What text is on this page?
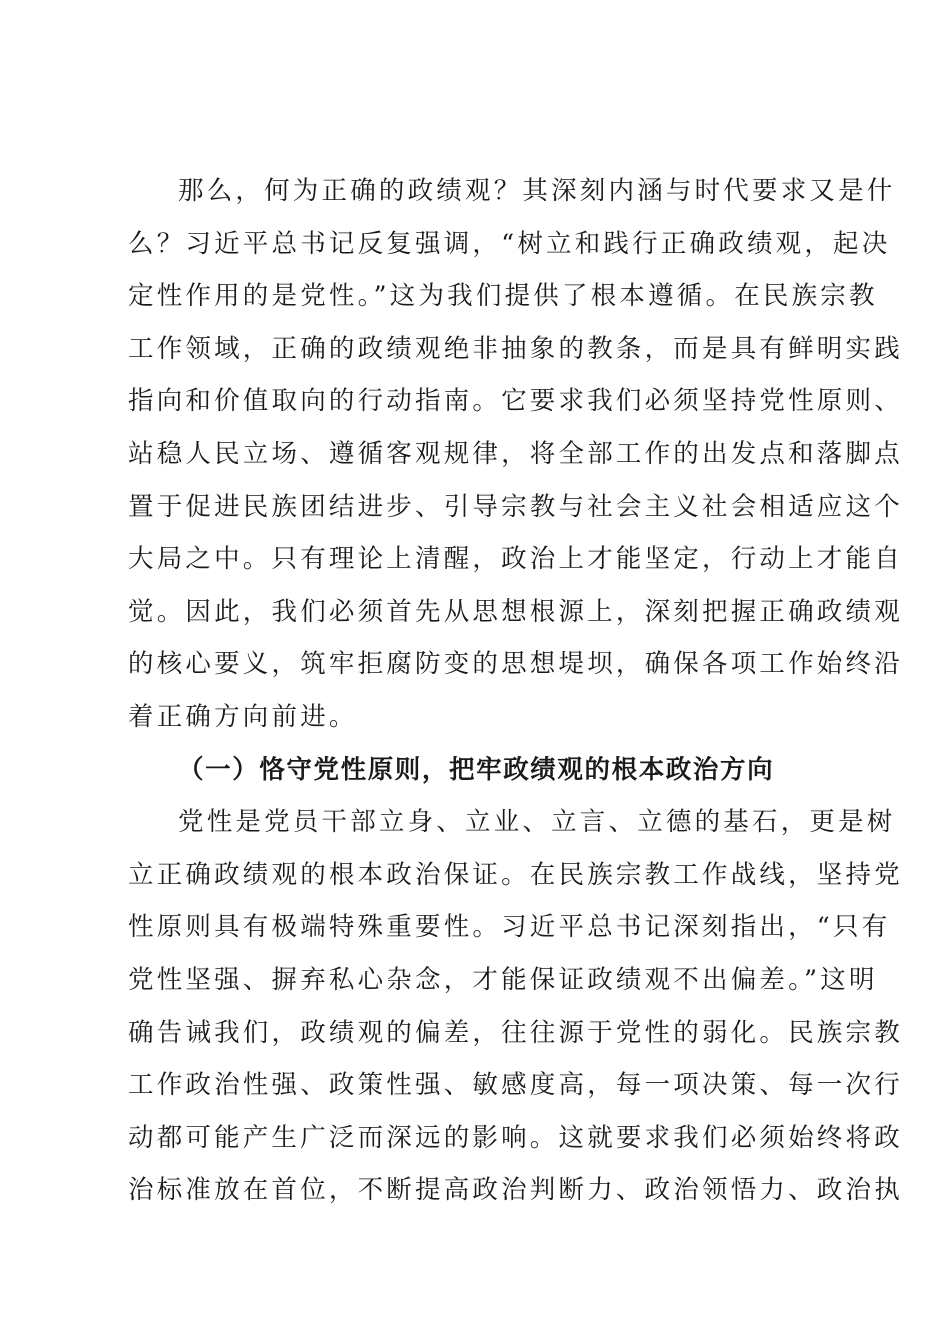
那么，何为正确的政绩观？其深刻内涵与时代要求又是什
么？习近平总书记反复强调，“树立和践行正确政绩观，起决
定性作用的是党性。”这为我们提供了根本遵循。在民族宗教
工作领域，正确的政绩观绝非抽象的教条，而是具有鲜明实践
指向和价值取向的行动指南。它要求我们必须坚持党性原则、
站稳人民立场、遵循客观规律，将全部工作的出发点和落脚点
置于促进民族团结进步、引导宗教与社会主义社会相适应这个
大局之中。只有理论上清醒，政治上才能坚定，行动上才能自
觉。因此，我们必须首先从思想根源上，深刻把握正确政绩观
的核心要义，筑牢拒腐防变的思想堤坝，确保各项工作始终沿
着正确方向前进。
（一）恪守党性原则，把牢政绩观的根本政治方向
党性是党员干部立身、立业、立言、立德的基石，更是树
立正确政绩观的根本政治保证。在民族宗教工作战线，坚持党
性原则具有极端特殊重要性。习近平总书记深刻指出，“只有
党性坚强、摒弃私心杂念，才能保证政绩观不出偏差。”这明
确告诫我们，政绩观的偏差，往往源于党性的弱化。民族宗教
工作政治性强、政策性强、敏感度高，每一项决策、每一次行
动都可能产生广泛而深远的影响。这就要求我们必须始终将政
治标准放在首位，不断提高政治判断力、政治领悟力、政治执
